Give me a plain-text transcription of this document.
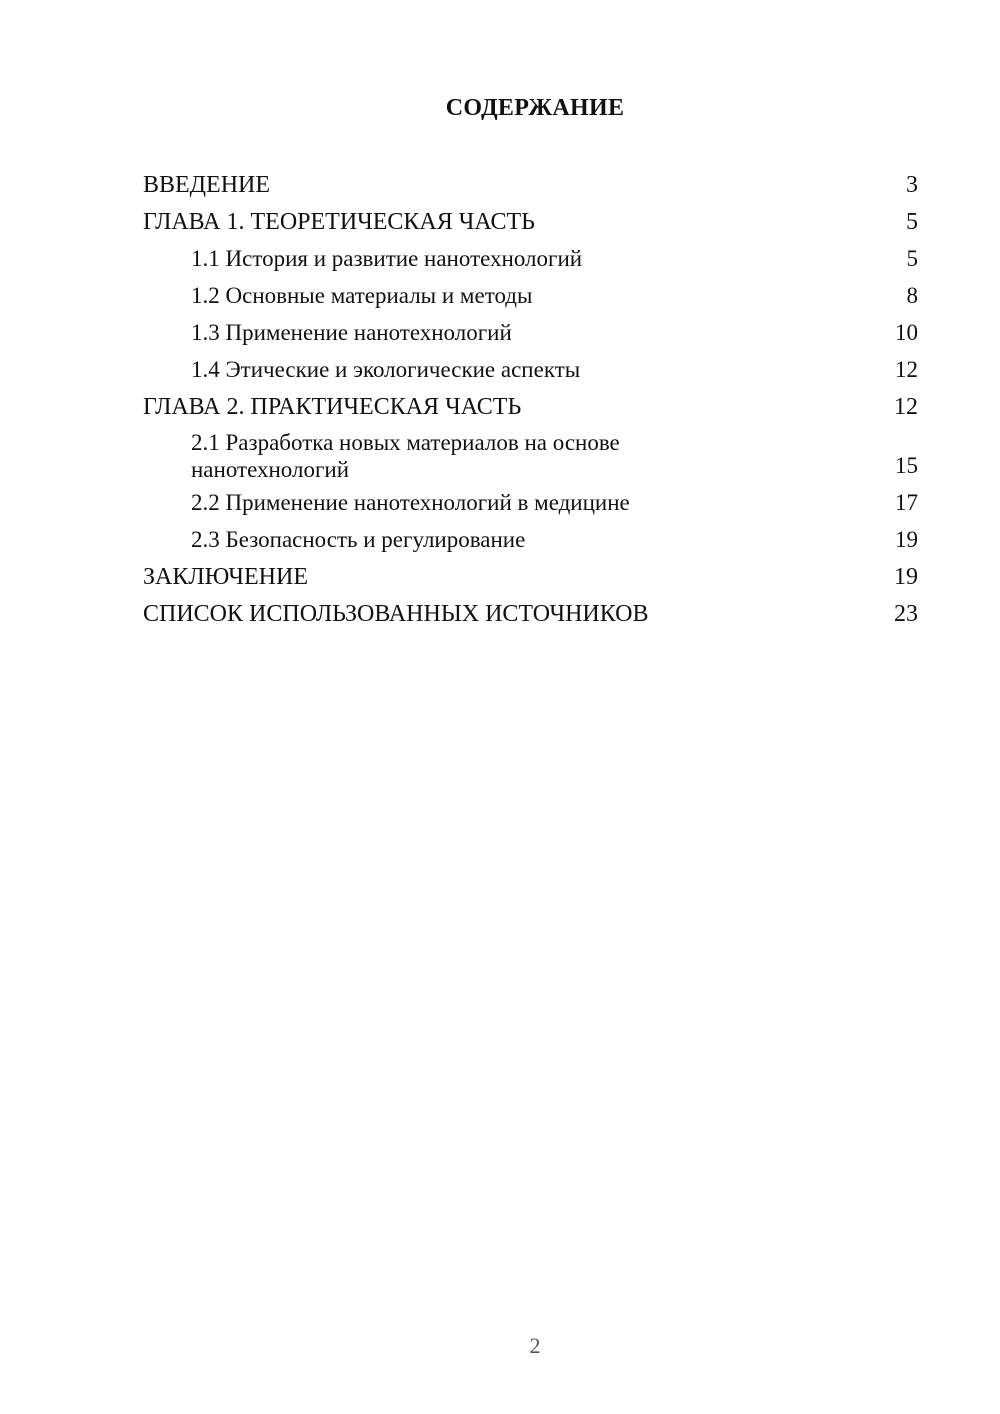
СОДЕРЖАНИЕ
ВВЕДЕНИЕ	3
ГЛАВА 1. ТЕОРЕТИЧЕСКАЯ ЧАСТЬ	5
1.1 История и развитие нанотехнологий	5
1.2 Основные материалы и методы	8
1.3 Применение нанотехнологий	10
1.4 Этические и экологические аспекты	12
ГЛАВА 2. ПРАКТИЧЕСКАЯ ЧАСТЬ	12
2.1 Разработка новых материалов на основе нанотехнологий	15
2.2 Применение нанотехнологий в медицине	17
2.3 Безопасность и регулирование	19
ЗАКЛЮЧЕНИЕ	19
СПИСОК ИСПОЛЬЗОВАННЫХ ИСТОЧНИКОВ	23
2
